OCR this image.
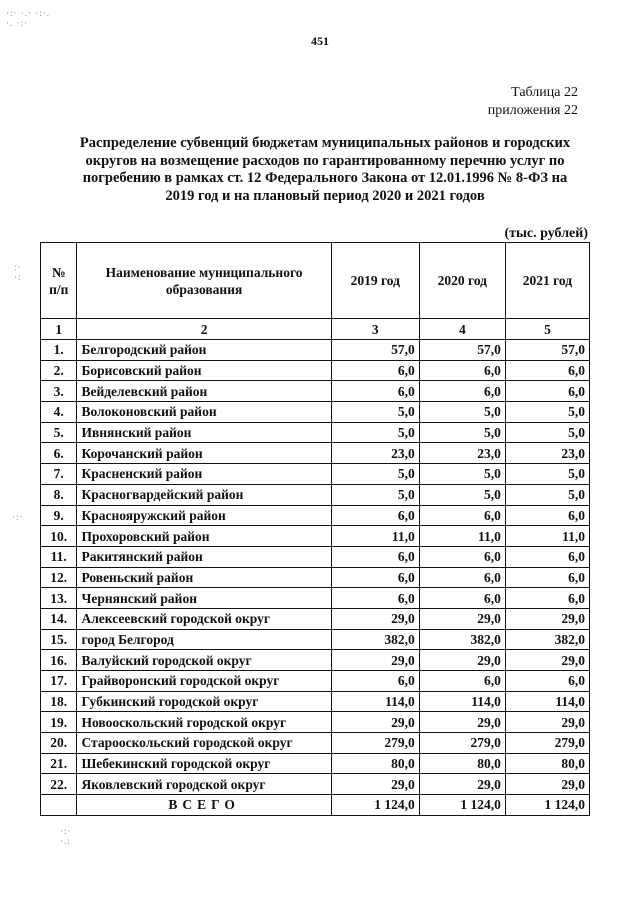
·:· ·.· ·:·.
·. ·:·
:·
·:
·:·
·:·
·.:
451
Таблица 22
приложения 22
Распределение субвенций бюджетам муниципальных районов и городских
округов на возмещение расходов по гарантированному перечню услуг по
погребению в рамках ст. 12 Федерального Закона от 12.01.1996 № 8-ФЗ на
2019 год и на плановый период 2020 и 2021 годов
(тыс. рублей)
№ п/п	Наименование муниципального образования	2019 год	2020 год	2021 год
1	2	3	4	5
1.	Белгородский район	57,0	57,0	57,0
2.	Борисовский район	6,0	6,0	6,0
3.	Вейделевский район	6,0	6,0	6,0
4.	Волоконовский район	5,0	5,0	5,0
5.	Ивнянский район	5,0	5,0	5,0
6.	Корочанский район	23,0	23,0	23,0
7.	Красненский район	5,0	5,0	5,0
8.	Красногвардейский район	5,0	5,0	5,0
9.	Краснояружский район	6,0	6,0	6,0
10.	Прохоровский район	11,0	11,0	11,0
11.	Ракитянский район	6,0	6,0	6,0
12.	Ровеньский район	6,0	6,0	6,0
13.	Чернянский район	6,0	6,0	6,0
14.	Алексеевский городской округ	29,0	29,0	29,0
15.	город Белгород	382,0	382,0	382,0
16.	Валуйский городской округ	29,0	29,0	29,0
17.	Грайворонский городской округ	6,0	6,0	6,0
18.	Губкинский городской округ	114,0	114,0	114,0
19.	Новооскольский городской округ	29,0	29,0	29,0
20.	Старооскольский городской округ	279,0	279,0	279,0
21.	Шебекинский городской округ	80,0	80,0	80,0
22.	Яковлевский городской округ	29,0	29,0	29,0
	ВСЕГО	1 124,0	1 124,0	1 124,0
